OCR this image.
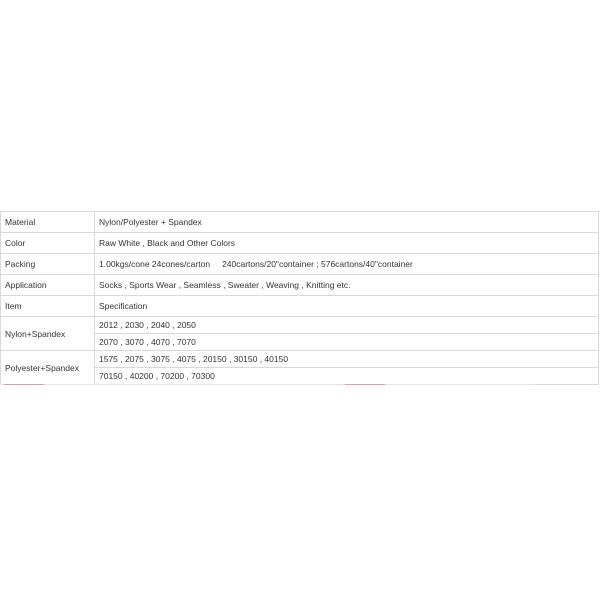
Material	Nylon/Polyester + Spandex
Color	Raw White , Black and Other Colors
Packing	1.00kgs/cone 24cones/carton 240cartons/20"container ; 576cartons/40"container
Application	Socks , Sports Wear , Seamless , Sweater , Weaving , Knitting etc.
Item	Specification
Nylon+Spandex	2012 , 2030 , 2040 , 2050
	2070 , 3070 , 4070 , 7070
Polyester+Spandex	1575 , 2075 , 3075 , 4075 , 20150 , 30150 , 40150
	70150 , 40200 , 70200 , 70300
